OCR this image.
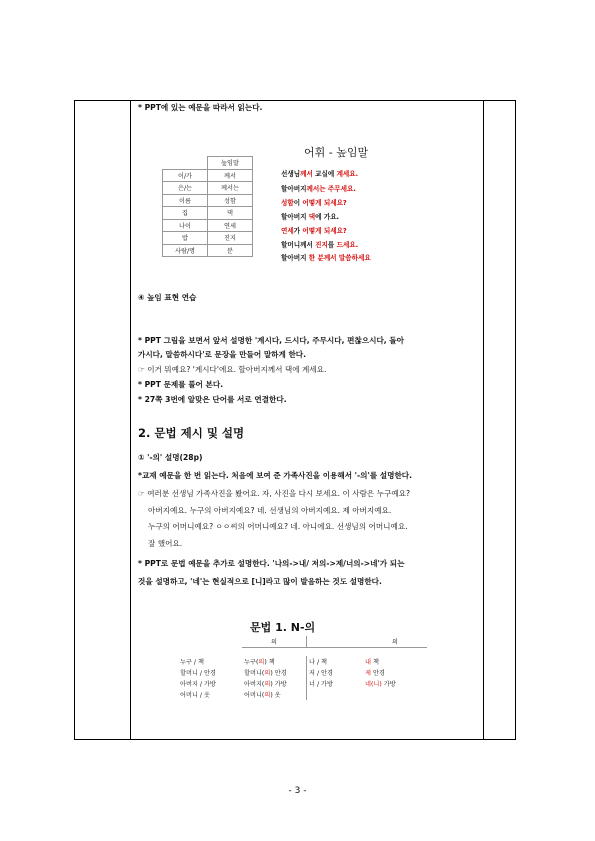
* PPT에 있는 예문을 따라서 읽는다.
어휘 - 높임말
	높임말
이/가	께서
은/는	께서는
이름	성함
집	댁
나이	연세
밥	진지
사람/명	분
선생님께서 교실에 계세요.
할아버지께서는 주무세요.
성함이 어떻게 되세요?
할아버지 댁에 가요.
연세가 어떻게 되세요?
할머니께서 진지를 드세요.
할아버지 한 분께서 말씀하세요
④ 높임 표현 연습
* PPT 그림을 보면서 앞서 설명한 '계시다, 드시다, 주무시다, 편찮으시다, 돌아
가시다, 말씀하시다'로 문장을 만들어 말하게 한다.
☞ 이거 뭐예요? '계시다'에요. 할아버지께서 댁에 계세요.
* PPT 문제를 풀어 본다.
* 27쪽 3번에 알맞은 단어를 서로 연결한다.
2. 문법 제시 및 설명
① '-의' 설명(28p)
*교재 예문을 한 번 읽는다. 처음에 보여 준 가족사진을 이용해서 '-의'를 설명한다.
☞ 여러분 선생님 가족사진을 봤어요. 자, 사진을 다시 보세요. 이 사람은 누구예요?
아버지예요. 누구의 아버지예요? 네. 선생님의 아버지예요. 제 아버지예요.
누구의 어머니예요? ㅇㅇ씨의 어머니예요? 네. 아니에요. 선생님의 어머니예요.
잘 했어요.
* PPT로 문법 예문을 추가로 설명한다. '나의->내/ 저의->제/너의->네'가 되는
것을 설명하고, '네'는 현실적으로 [니]라고 많이 발음하는 것도 설명한다.
문법 1. N-의
	의		의

누구 / 책	누구(의) 책	나 / 책	내 책
할머니 / 안경	할머니(의) 안경	저 / 안경	제 안경
아버지 / 가방	아버지(의) 가방	너 / 가방	네(니) 가방
어머니 / 옷	어머니(의) 옷		
- 3 -
